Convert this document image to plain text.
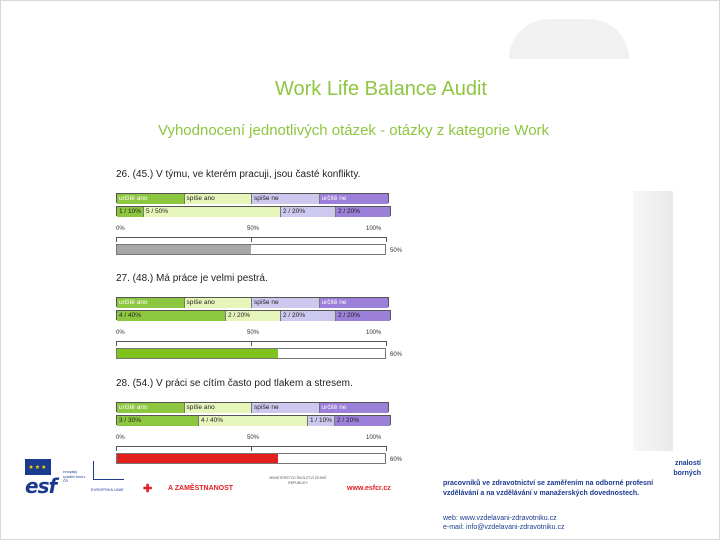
Work Life Balance Audit
Vyhodnocení jednotlivých otázek - otázky z kategorie Work
26. (45.) V týmu, ve kterém pracuji, jsou časté konflikty.
určitě ano	spíše ano	spíše ne	určitě ne
1 / 10% 5 / 50%	2 / 20%	2 / 20%
0%	50%	100%
50%
27. (48.) Má práce je velmi pestrá.
určitě ano	spíše ano	spíše ne	určitě ne
4 / 40%	2 / 20%	2 / 20%	2 / 20%
0%	50%	100%
60%
28. (54.) V práci se cítím často pod tlakem a stresem.
určitě ano	spíše ano	spíše ne	určitě ne
3 / 30%	4 / 40%	1 / 10% 2 / 20%
0%	50%	100%
60%
★★★
esf
evropský sociální fond v ČR
EVROPSKÁ UNIE ✚	A ZAMĚSTNANOST
MINISTERSTVO ŠKOLSTVÍ ČESKÉ REPUBLIKY
www.esfcr.cz
znalostí
borných
pracovníků ve zdravotnictví se zaměřením na odborné profesní
vzdělávání a na vzdělávání v manažerských dovednostech.
web: www.vzdelavani-zdravotniku.cz
e-mail: info@vzdelavani-zdravotniku.cz
